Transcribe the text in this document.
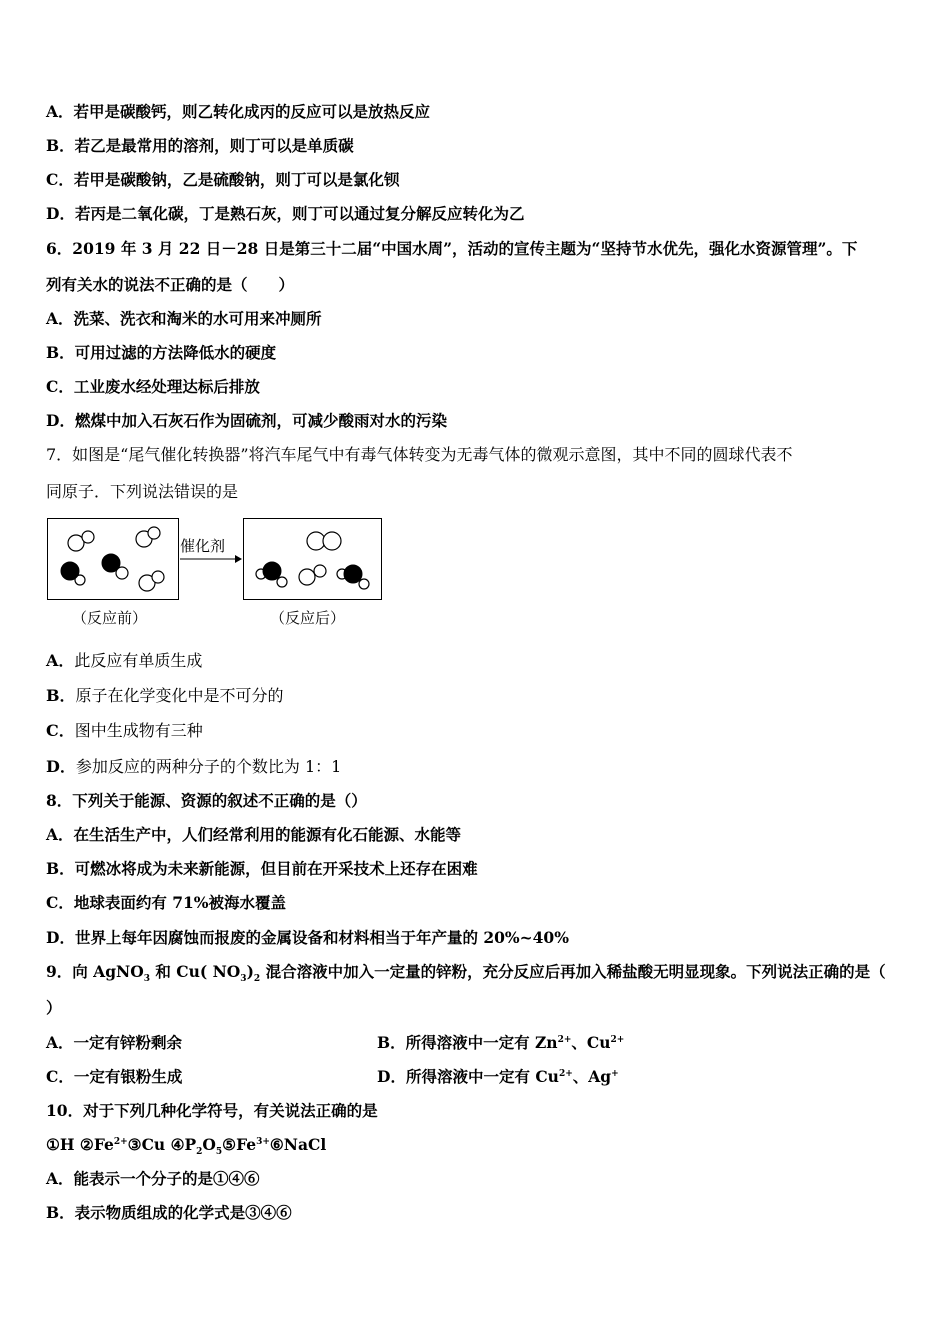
A．若甲是碳酸钙，则乙转化成丙的反应可以是放热反应
B．若乙是最常用的溶剂，则丁可以是单质碳
C．若甲是碳酸钠，乙是硫酸钠，则丁可以是氯化钡
D．若丙是二氧化碳，丁是熟石灰，则丁可以通过复分解反应转化为乙
6．2019 年 3 月 22 日－28 日是第三十二届“中国水周”，活动的宣传主题为“坚持节水优先，强化水资源管理”。下
列有关水的说法不正确的是（　　）
A．洗菜、洗衣和淘米的水可用来冲厕所
B．可用过滤的方法降低水的硬度
C．工业废水经处理达标后排放
D．燃煤中加入石灰石作为固硫剂，可减少酸雨对水的污染
7．如图是“尾气催化转换器”将汽车尾气中有毒气体转变为无毒气体的微观示意图，其中不同的圆球代表不
同原子．下列说法错误的是
催化剂
（反应前）	（反应后）
A．此反应有单质生成
B．原子在化学变化中是不可分的
C．图中生成物有三种
D．参加反应的两种分子的个数比为 1：1
8．下列关于能源、资源的叙述不正确的是（）
A．在生活生产中，人们经常利用的能源有化石能源、水能等
B．可燃冰将成为未来新能源，但目前在开采技术上还存在困难
C．地球表面约有 71%被海水覆盖
D．世界上每年因腐蚀而报废的金属设备和材料相当于年产量的 20%~40%
9．向 AgNO$_3$ 和 Cu( $NO_3)_2$ 混合溶液中加入一定量的锌粉，充分反应后再加入稀盐酸无明显现象。下列说法正确的是（
）
A．一定有锌粉剩余	B．所得溶液中一定有 $Zn^{2+}$、$Cu^{2+}$
C．一定有银粉生成	D．所得溶液中一定有 $Cu^{2+}$、Ag+
10．对于下列几种化学符号，有关说法正确的是
①H $②Fe^{2+}③Cu$ $④P_2O_5⑤Fe^{3+}⑥NaCl$
A．能表示一个分子的是①④⑥
B．表示物质组成的化学式是③④⑥
